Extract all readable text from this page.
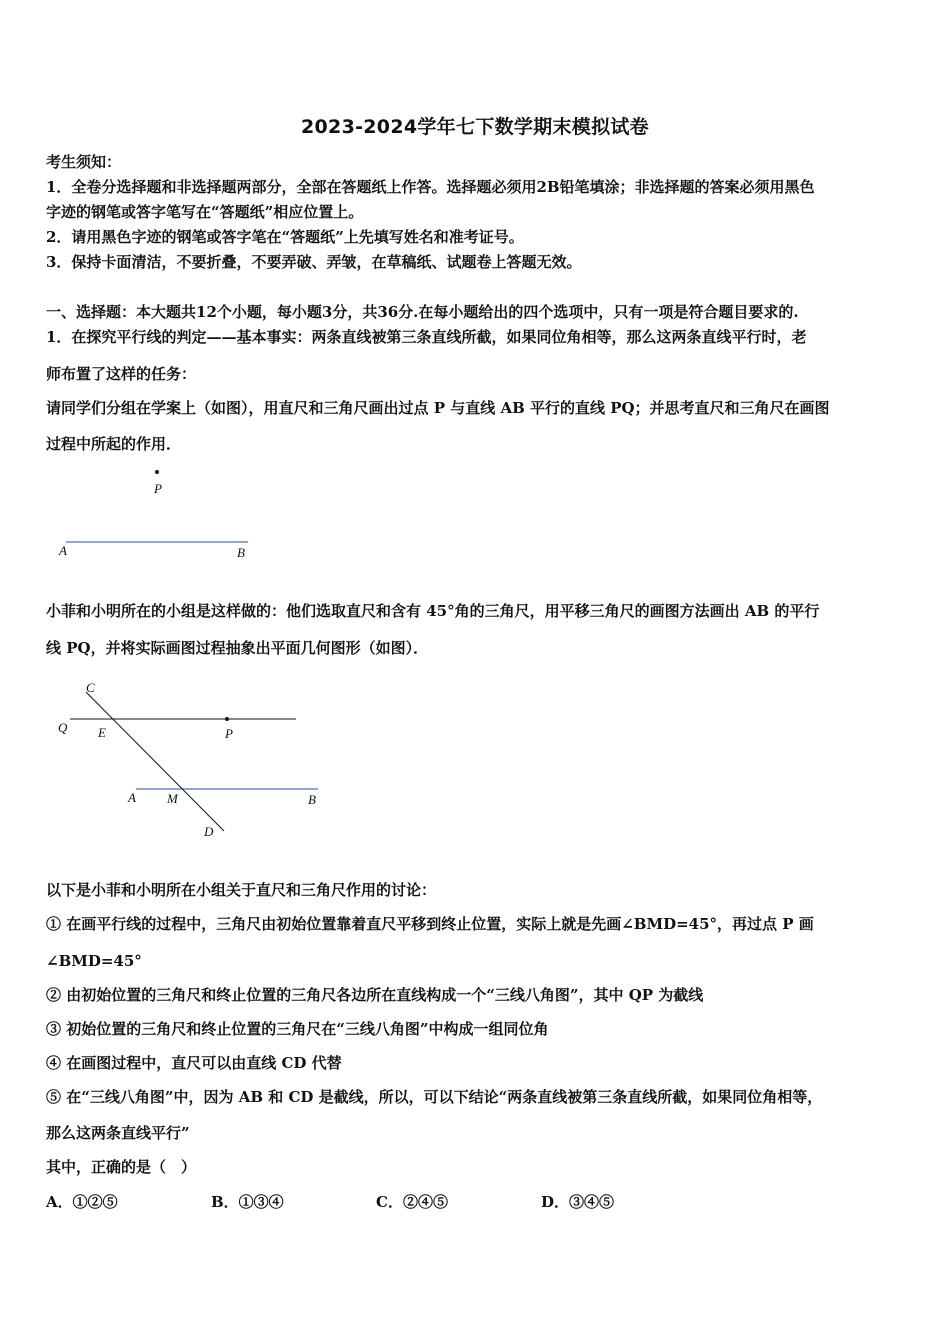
2023-2024学年七下数学期末模拟试卷
考生须知：
1．全卷分选择题和非选择题两部分，全部在答题纸上作答。选择题必须用2B铅笔填涂；非选择题的答案必须用黑色
字迹的钢笔或答字笔写在“答题纸”相应位置上。
2．请用黑色字迹的钢笔或答字笔在“答题纸”上先填写姓名和准考证号。
3．保持卡面清洁，不要折叠，不要弄破、弄皱，在草稿纸、试题卷上答题无效。
一、选择题：本大题共12个小题，每小题3分，共36分.在每小题给出的四个选项中，只有一项是符合题目要求的.
1．在探究平行线的判定——基本事实：两条直线被第三条直线所截，如果同位角相等，那么这两条直线平行时，老
师布置了这样的任务：
请同学们分组在学案上（如图），用直尺和三角尺画出过点 P 与直线 AB 平行的直线 PQ；并思考直尺和三角尺在画图
过程中所起的作用．
P
A	B
小菲和小明所在的小组是这样做的：他们选取直尺和含有 45°角的三角尺，用平移三角尺的画图方法画出 AB 的平行
线 PQ，并将实际画图过程抽象出平面几何图形（如图）．
C
Q E	P
A M	B
D
以下是小菲和小明所在小组关于直尺和三角尺作用的讨论：
① 在画平行线的过程中，三角尺由初始位置靠着直尺平移到终止位置，实际上就是先画∠BMD=45°，再过点 P 画
∠BMD=45°
② 由初始位置的三角尺和终止位置的三角尺各边所在直线构成一个“三线八角图”，其中 QP 为截线
③ 初始位置的三角尺和终止位置的三角尺在“三线八角图”中构成一组同位角
④ 在画图过程中，直尺可以由直线 CD 代替
⑤ 在“三线八角图”中，因为 AB 和 CD 是截线，所以，可以下结论“两条直线被第三条直线所截，如果同位角相等，
那么这两条直线平行”
其中，正确的是（　）
A．①②⑤	B．①③④	C．②④⑤	D．③④⑤
